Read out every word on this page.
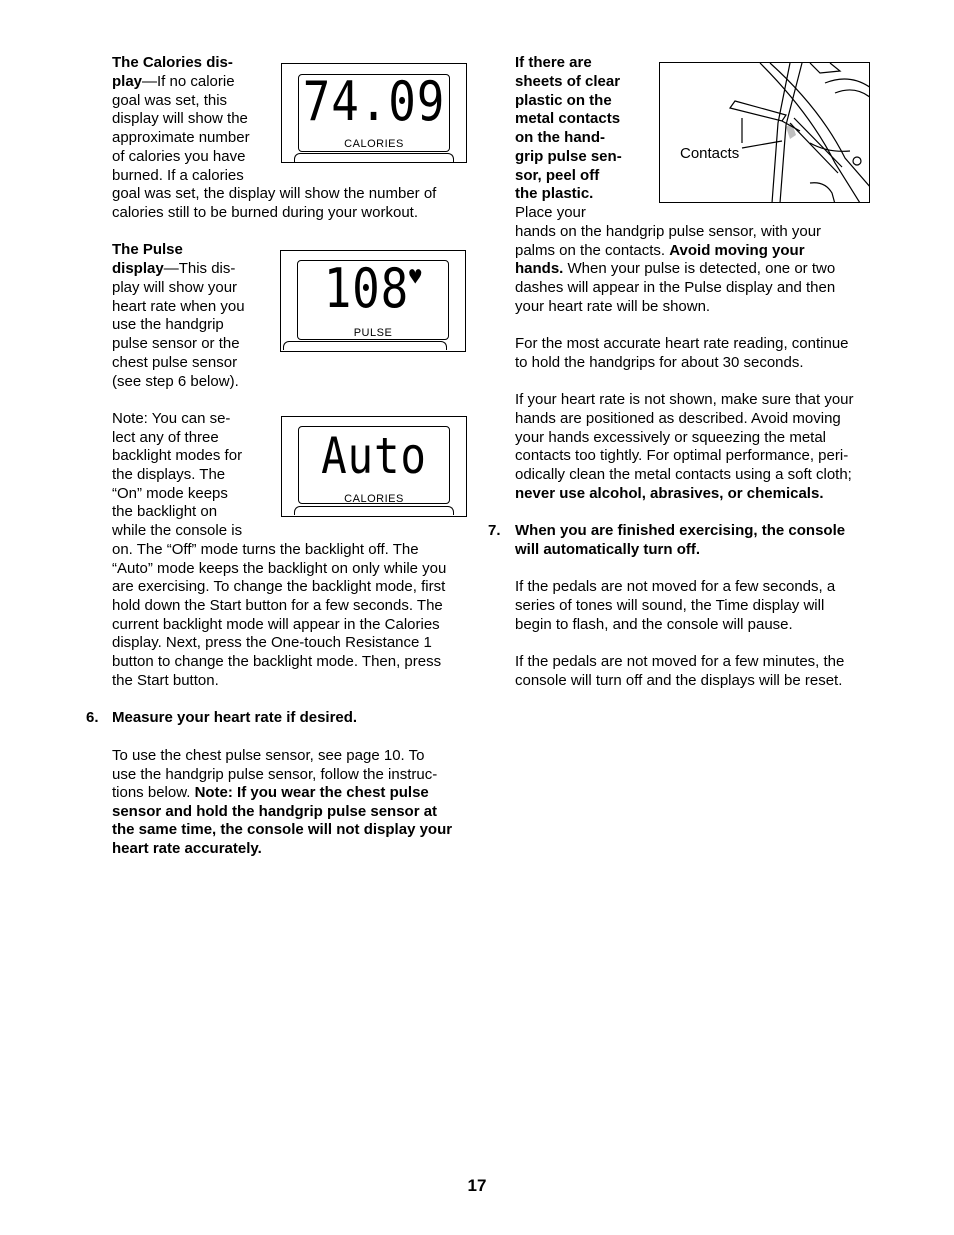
The Calories dis-
play—If no calorie
goal was set, this
display will show the
approximate number
of calories you have
burned. If a calories
goal was set, the display will show the number of
calories still to be burned during your workout.
74.09
CALORIES
The Pulse
display—This dis-
play will show your
heart rate when you
use the handgrip
pulse sensor or the
chest pulse sensor
(see step 6 below).
108♥
PULSE
Note: You can se-
lect any of three
backlight modes for
the displays. The
“On” mode keeps
the backlight on
while the console is
on. The “Off” mode turns the backlight off. The
“Auto” mode keeps the backlight on only while you
are exercising. To change the backlight mode, first
hold down the Start button for a few seconds. The
current backlight mode will appear in the Calories
display. Next, press the One-touch Resistance 1
button to change the backlight mode. Then, press
the Start button.
Auto
CALORIES
6. Measure your heart rate if desired.
To use the chest pulse sensor, see page 10. To
use the handgrip pulse sensor, follow the instruc-
tions below. Note: If you wear the chest pulse
sensor and hold the handgrip pulse sensor at
the same time, the console will not display your
heart rate accurately.
If there are
sheets of clear
plastic on the
metal contacts
on the hand-
grip pulse sen-
sor, peel off
the plastic.
Place your
hands on the handgrip pulse sensor, with your
palms on the contacts. Avoid moving your
hands. When your pulse is detected, one or two
dashes will appear in the Pulse display and then
your heart rate will be shown.
Contacts
For the most accurate heart rate reading, continue
to hold the handgrips for about 30 seconds.
If your heart rate is not shown, make sure that your
hands are positioned as described. Avoid moving
your hands excessively or squeezing the metal
contacts too tightly. For optimal performance, peri-
odically clean the metal contacts using a soft cloth;
never use alcohol, abrasives, or chemicals.
7. When you are finished exercising, the console
will automatically turn off.
If the pedals are not moved for a few seconds, a
series of tones will sound, the Time display will
begin to flash, and the console will pause.
If the pedals are not moved for a few minutes, the
console will turn off and the displays will be reset.
17
